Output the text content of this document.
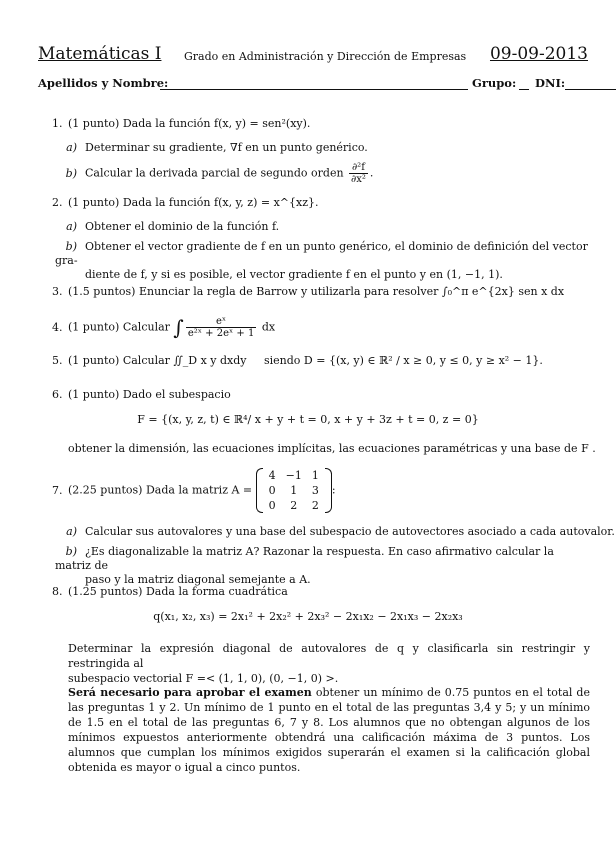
Matemáticas I Grado en Administración y Dirección de Empresas 09-09-2013
Apellidos y Nombre:	Grupo: DNI:
1. (1 punto) Dada la función f(x, y) = sen²(xy).
a) Determinar su gradiente, ∇f en un punto genérico.
b) Calcular la derivada parcial de segundo orden $\frac{\text{∂²f}}{\text{∂x²}}$ .
2. (1 punto) Dada la función f(x, y, z) = x^{xz}.
a) Obtener el dominio de la función f.
b) Obtener el vector gradiente de f en un punto genérico, el dominio de definición del vector gra-
diente de f, y si es posible, el vector gradiente f en el punto y en (1, −1, 1).
3. (1.5 puntos) Enunciar la regla de Barrow y utilizarla para resolver ∫₀^π e^{2x} sen x dx
4. (1 punto) Calcular ∫ $\frac{\text{eˣ}}{\text{e²ˣ + 2eˣ + 1}}$ dx
5. (1 punto) Calcular ∬_D x y dxdy siendo D = {(x, y) ∈ ℝ² / x ≥ 0, y ≤ 0, y ≥ x² − 1}.
6. (1 punto) Dado el subespacio
F = {(x, y, z, t) ∈ ℝ⁴/ x + y + t = 0, x + y + 3z + t = 0, z = 0}
obtener la dimensión, las ecuaciones implícitas, las ecuaciones paramétricas y una base de F .
7. (2.25 puntos) Dada la matriz A =
4	−1	1
0	1	3
0	2	2
:
a) Calcular sus autovalores y una base del subespacio de autovectores asociado a cada autovalor.
b) ¿Es diagonalizable la matriz A? Razonar la respuesta. En caso afirmativo calcular la matriz de
paso y la matriz diagonal semejante a A.
8. (1.25 puntos) Dada la forma cuadrática
q(x₁, x₂, x₃) = 2x₁² + 2x₂² + 2x₃² − 2x₁x₂ − 2x₁x₃ − 2x₂x₃
Determinar la expresión diagonal de autovalores de q y clasificarla sin restringir y restringida al
subespacio vectorial F =< (1, 1, 0), (0, −1, 0) >.
Será necesario para aprobar el examen obtener un mínimo de 0.75 puntos en el total de las preguntas 1 y 2. Un mínimo de 1 punto en el total de las preguntas 3,4 y 5; y un mínimo de 1.5 en el total de las preguntas 6, 7 y 8. Los alumnos que no obtengan algunos de los mínimos expuestos anteriormente obtendrá una calificación máxima de 3 puntos. Los alumnos que cumplan los mínimos exigidos superarán el examen si la calificación global obtenida es mayor o igual a cinco puntos.
